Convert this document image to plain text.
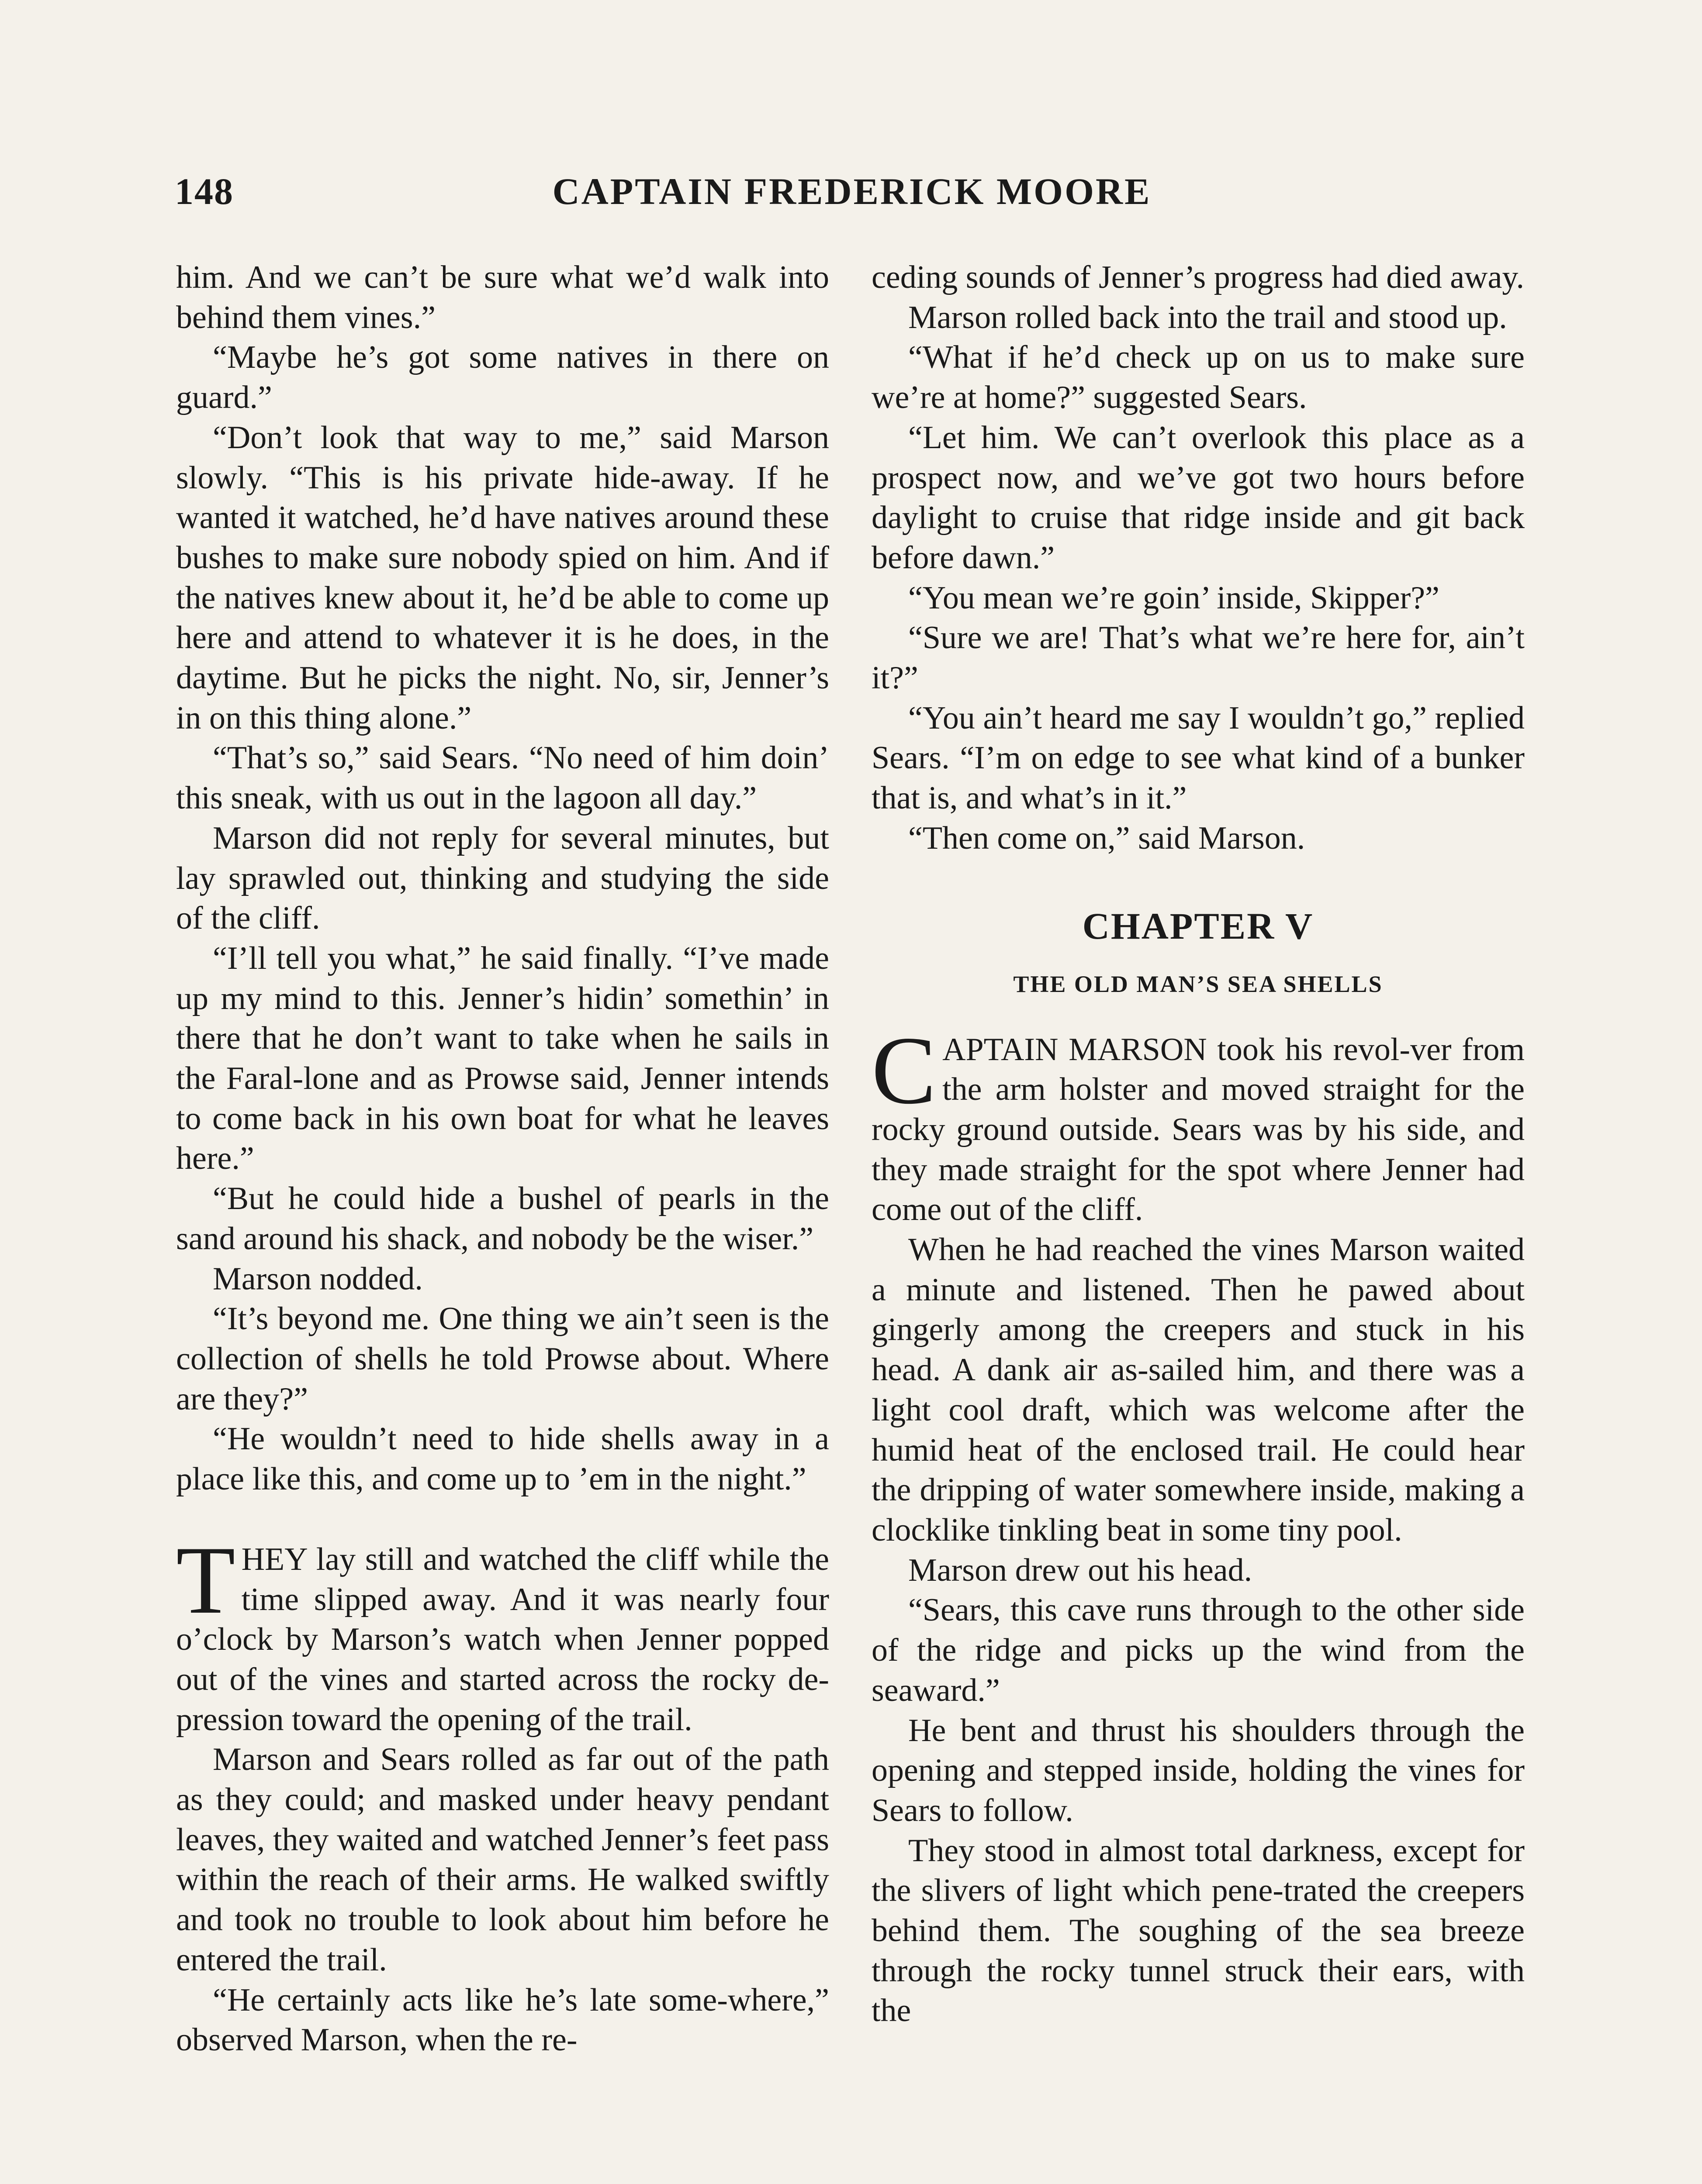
148	CAPTAIN FREDERICK MOORE

him. And we can’t be sure what we’d walk into behind them vines.”

“Maybe he’s got some natives in there on guard.”

“Don’t look that way to me,” said Marson slowly. “This is his private hide-away. If he wanted it watched, he’d have natives around these bushes to make sure nobody spied on him. And if the natives knew about it, he’d be able to come up here and attend to whatever it is he does, in the daytime. But he picks the night. No, sir, Jenner’s in on this thing alone.”

“That’s so,” said Sears. “No need of him doin’ this sneak, with us out in the lagoon all day.”

Marson did not reply for several minutes, but lay sprawled out, thinking and studying the side of the cliff.

“I’ll tell you what,” he said finally. “I’ve made up my mind to this. Jenner’s hidin’ somethin’ in there that he don’t want to take when he sails in the Faral-lone and as Prowse said, Jenner intends to come back in his own boat for what he leaves here.”

“But he could hide a bushel of pearls in the sand around his shack, and nobody be the wiser.”

Marson nodded.

“It’s beyond me. One thing we ain’t seen is the collection of shells he told Prowse about. Where are they?”

“He wouldn’t need to hide shells away in a place like this, and come up to ’em in the night.”

THEY lay still and watched the cliff while the time slipped away. And it was nearly four o’clock by Marson’s watch when Jenner popped out of the vines and started across the rocky de-pression toward the opening of the trail.

Marson and Sears rolled as far out of the path as they could; and masked under heavy pendant leaves, they waited and watched Jenner’s feet pass within the reach of their arms. He walked swiftly and took no trouble to look about him before he entered the trail.

“He certainly acts like he’s late some-where,” observed Marson, when the re-

ceding sounds of Jenner’s progress had died away.

Marson rolled back into the trail and stood up.

“What if he’d check up on us to make sure we’re at home?” suggested Sears.

“Let him. We can’t overlook this place as a prospect now, and we’ve got two hours before daylight to cruise that ridge inside and git back before dawn.”

“You mean we’re goin’ inside, Skipper?”

“Sure we are! That’s what we’re here for, ain’t it?”

“You ain’t heard me say I wouldn’t go,” replied Sears. “I’m on edge to see what kind of a bunker that is, and what’s in it.”

“Then come on,” said Marson.

CHAPTER V
THE OLD MAN’S SEA SHELLS

CAPTAIN MARSON took his revol-ver from the arm holster and moved straight for the rocky ground outside. Sears was by his side, and they made straight for the spot where Jenner had come out of the cliff.

When he had reached the vines Marson waited a minute and listened. Then he pawed about gingerly among the creepers and stuck in his head. A dank air as-sailed him, and there was a light cool draft, which was welcome after the humid heat of the enclosed trail. He could hear the dripping of water somewhere inside, making a clocklike tinkling beat in some tiny pool.

Marson drew out his head.

“Sears, this cave runs through to the other side of the ridge and picks up the wind from the seaward.”

He bent and thrust his shoulders through the opening and stepped inside, holding the vines for Sears to follow.

They stood in almost total darkness, except for the slivers of light which pene-trated the creepers behind them. The soughing of the sea breeze through the rocky tunnel struck their ears, with the
